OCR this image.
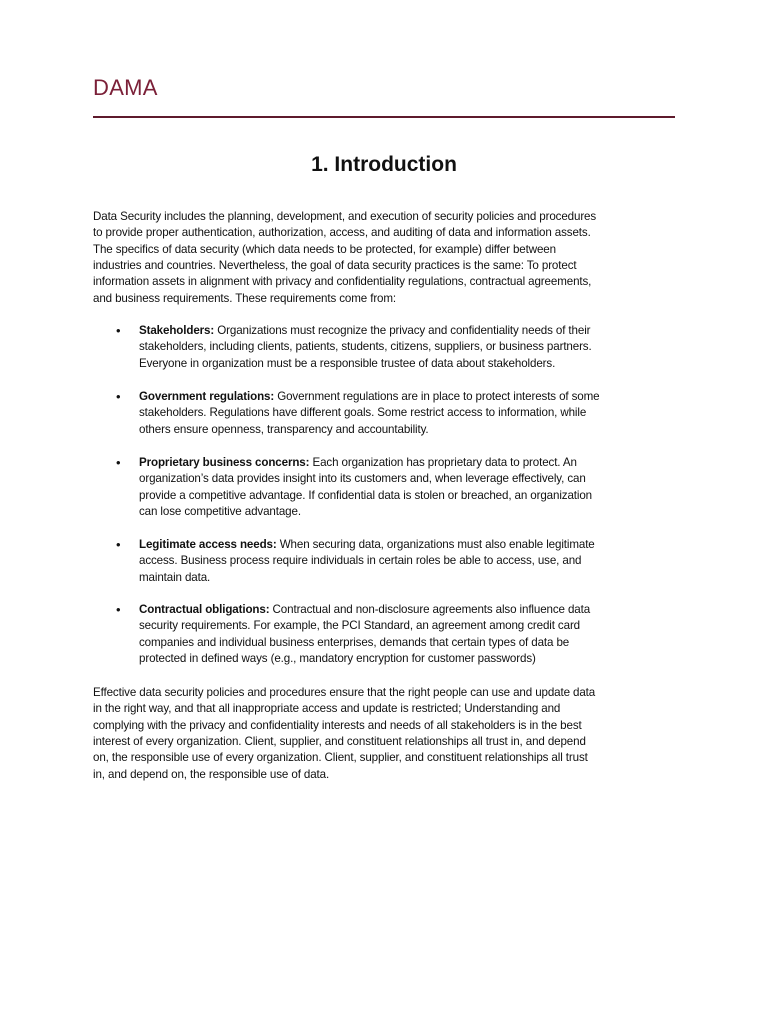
DAMA
1. Introduction
Data Security includes the planning, development, and execution of security policies and procedures
to provide proper authentication, authorization, access, and auditing of data and information assets.
The specifics of data security (which data needs to be protected, for example) differ between
industries and countries. Nevertheless, the goal of data security practices is the same: To protect
information assets in alignment with privacy and confidentiality regulations, contractual agreements,
and business requirements. These requirements come from:
• Stakeholders: Organizations must recognize the privacy and confidentiality needs of their
stakeholders, including clients, patients, students, citizens, suppliers, or business partners.
Everyone in organization must be a responsible trustee of data about stakeholders.
• Government regulations: Government regulations are in place to protect interests of some
stakeholders. Regulations have different goals. Some restrict access to information, while
others ensure openness, transparency and accountability.
• Proprietary business concerns: Each organization has proprietary data to protect. An
organization’s data provides insight into its customers and, when leverage effectively, can
provide a competitive advantage. If confidential data is stolen or breached, an organization
can lose competitive advantage.
• Legitimate access needs: When securing data, organizations must also enable legitimate
access. Business process require individuals in certain roles be able to access, use, and
maintain data.
• Contractual obligations: Contractual and non-disclosure agreements also influence data
security requirements. For example, the PCI Standard, an agreement among credit card
companies and individual business enterprises, demands that certain types of data be
protected in defined ways (e.g., mandatory encryption for customer passwords)
Effective data security policies and procedures ensure that the right people can use and update data
in the right way, and that all inappropriate access and update is restricted; Understanding and
complying with the privacy and confidentiality interests and needs of all stakeholders is in the best
interest of every organization. Client, supplier, and constituent relationships all trust in, and depend
on, the responsible use of every organization. Client, supplier, and constituent relationships all trust
in, and depend on, the responsible use of data.
